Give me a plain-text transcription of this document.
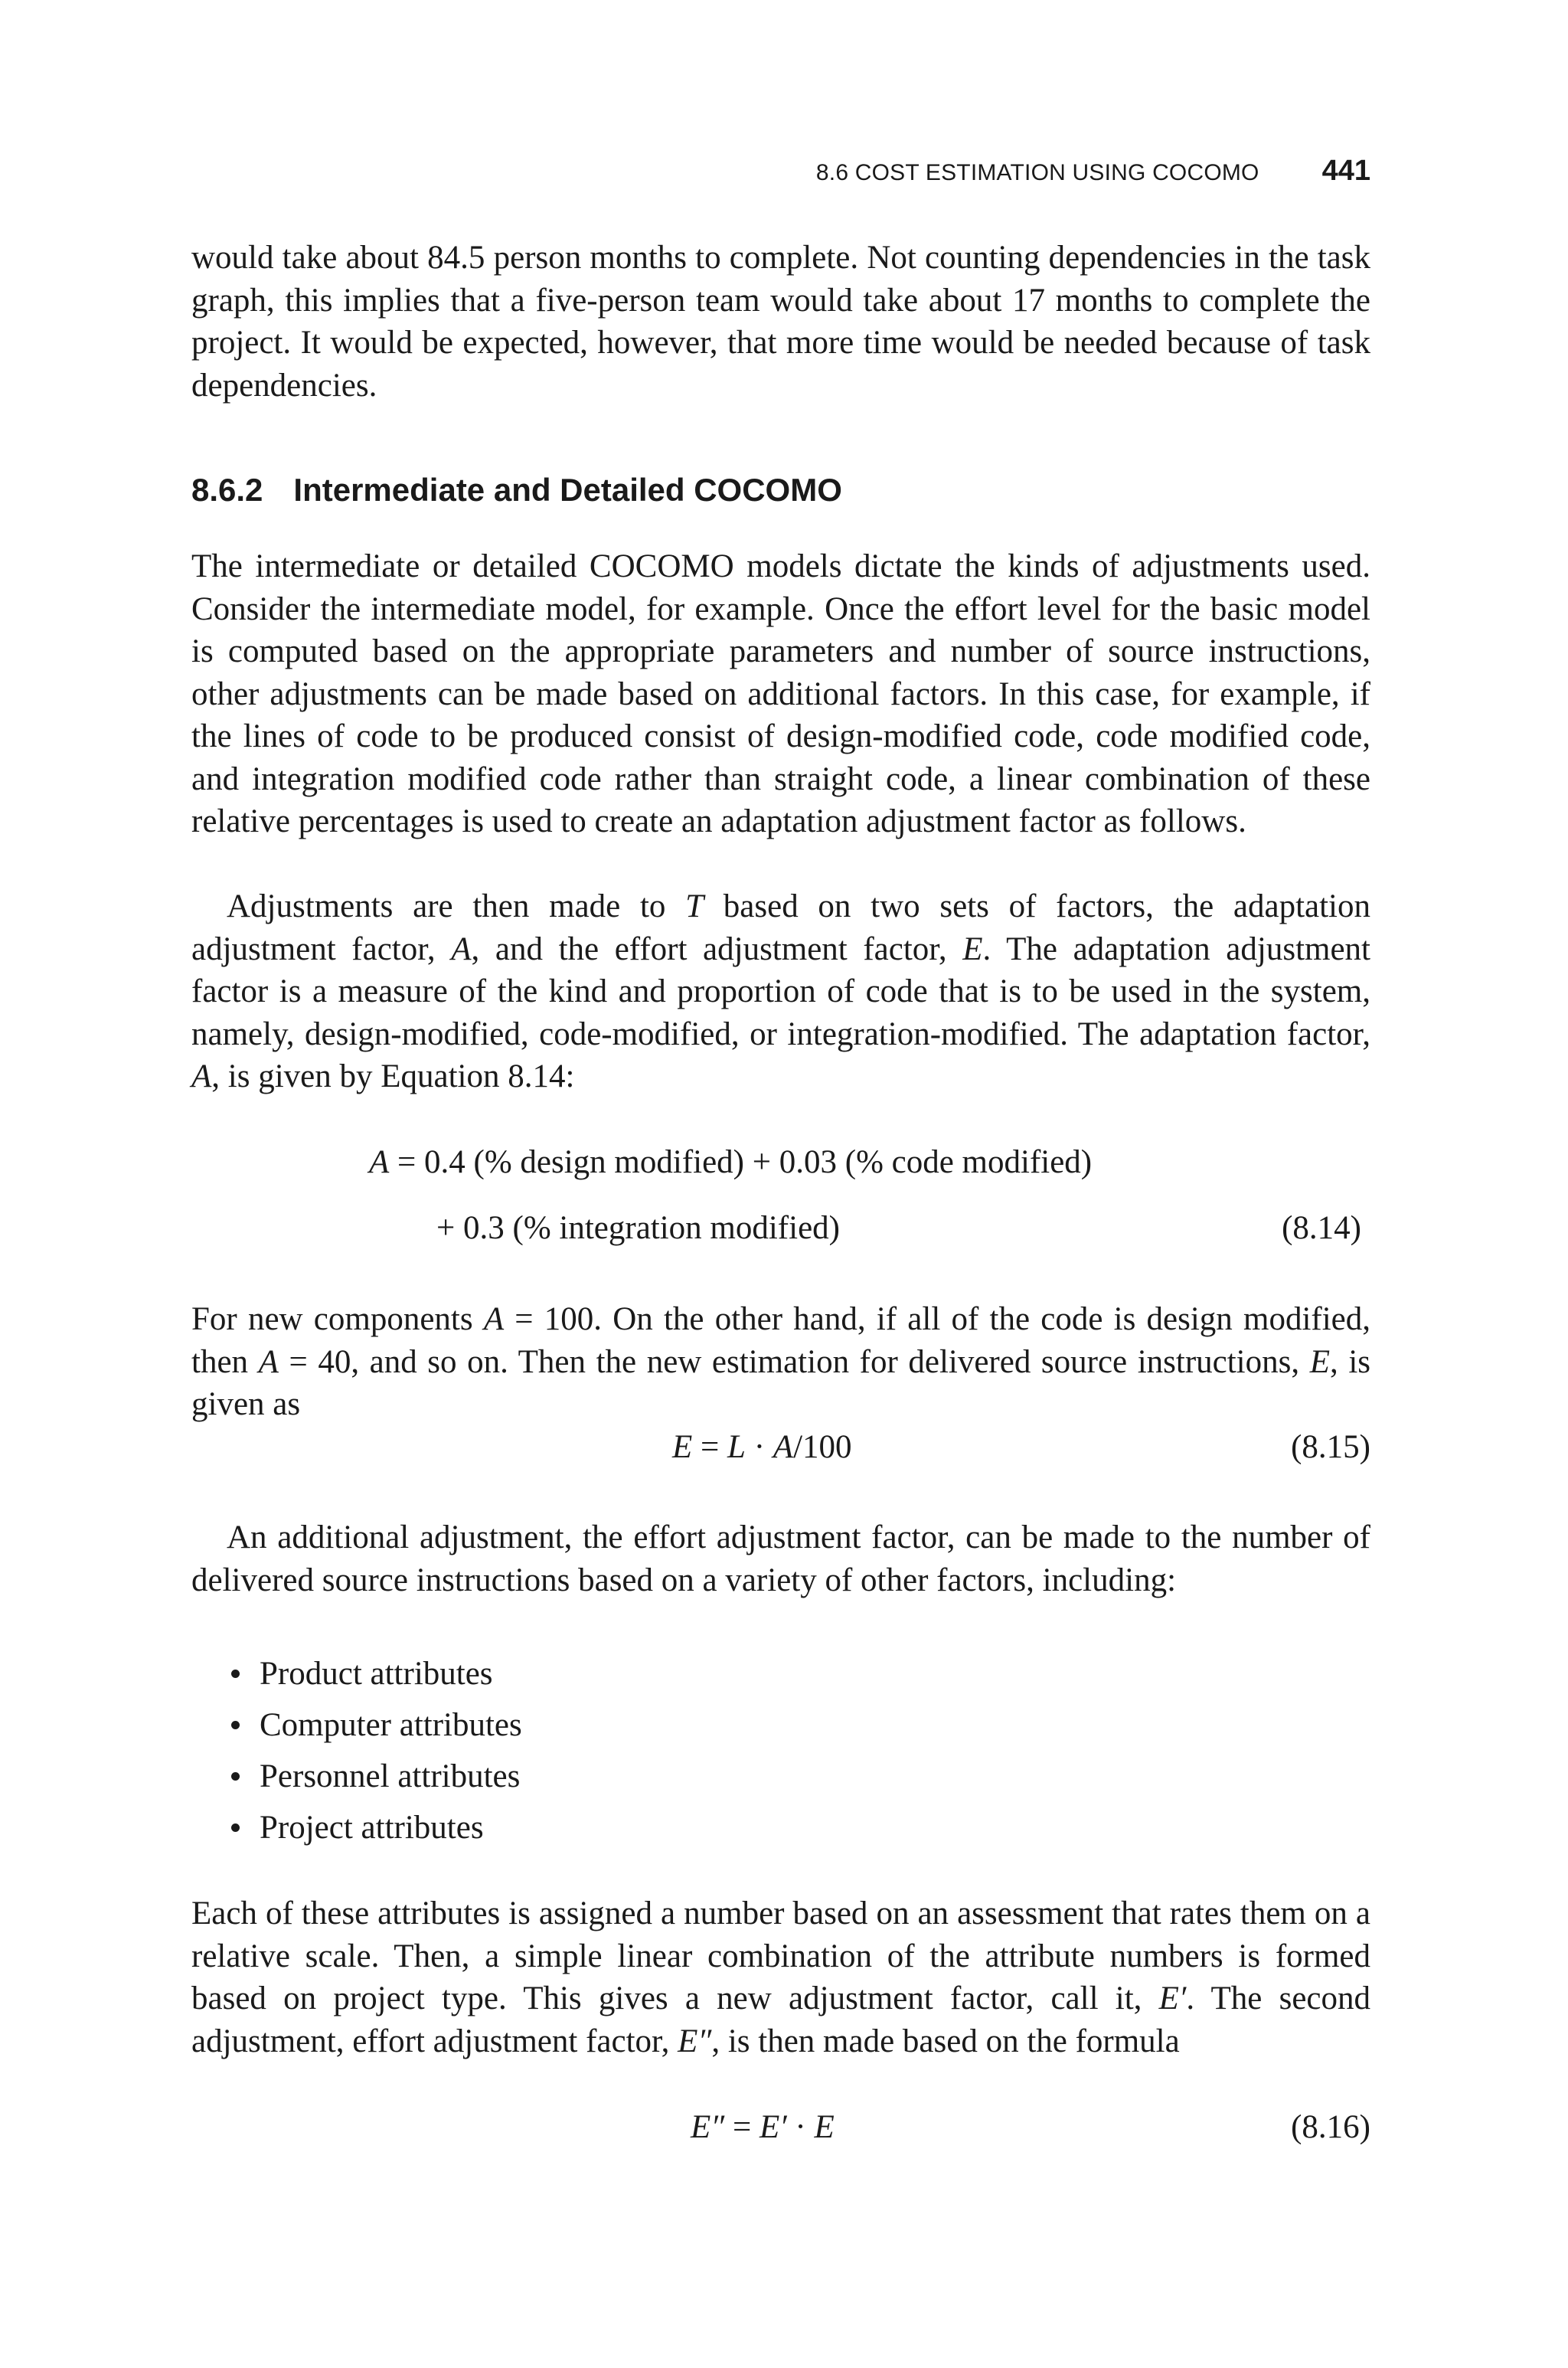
8.6 COST ESTIMATION USING COCOMO 441

would take about 84.5 person months to complete. Not counting dependencies in the task graph, this implies that a five-person team would take about 17 months to complete the project. It would be expected, however, that more time would be needed because of task dependencies.

8.6.2 Intermediate and Detailed COCOMO

The intermediate or detailed COCOMO models dictate the kinds of adjustments used. Consider the intermediate model, for example. Once the effort level for the basic model is computed based on the appropriate parameters and number of source instructions, other adjustments can be made based on additional factors. In this case, for example, if the lines of code to be produced consist of design-modified code, code modified code, and integration modified code rather than straight code, a linear combination of these relative percentages is used to create an adaptation adjustment factor as follows.

Adjustments are then made to T based on two sets of factors, the adaptation adjustment factor, A, and the effort adjustment factor, E. The adaptation adjustment factor is a measure of the kind and proportion of code that is to be used in the system, namely, design-modified, code-modified, or integration-modified. The adaptation factor, A, is given by Equation 8.14:

A = 0.4 (% design modified) + 0.03 (% code modified)
+ 0.3 (% integration modified)	(8.14)

For new components A = 100. On the other hand, if all of the code is design modified, then A = 40, and so on. Then the new estimation for delivered source instructions, E, is given as

E = L · A/100	(8.15)

An additional adjustment, the effort adjustment factor, can be made to the number of delivered source instructions based on a variety of other factors, including:

Product attributes
Computer attributes
Personnel attributes
Project attributes

Each of these attributes is assigned a number based on an assessment that rates them on a relative scale. Then, a simple linear combination of the attribute numbers is formed based on project type. This gives a new adjustment factor, call it, E′. The second adjustment, effort adjustment factor, E″, is then made based on the formula

E″ = E′ · E	(8.16)
